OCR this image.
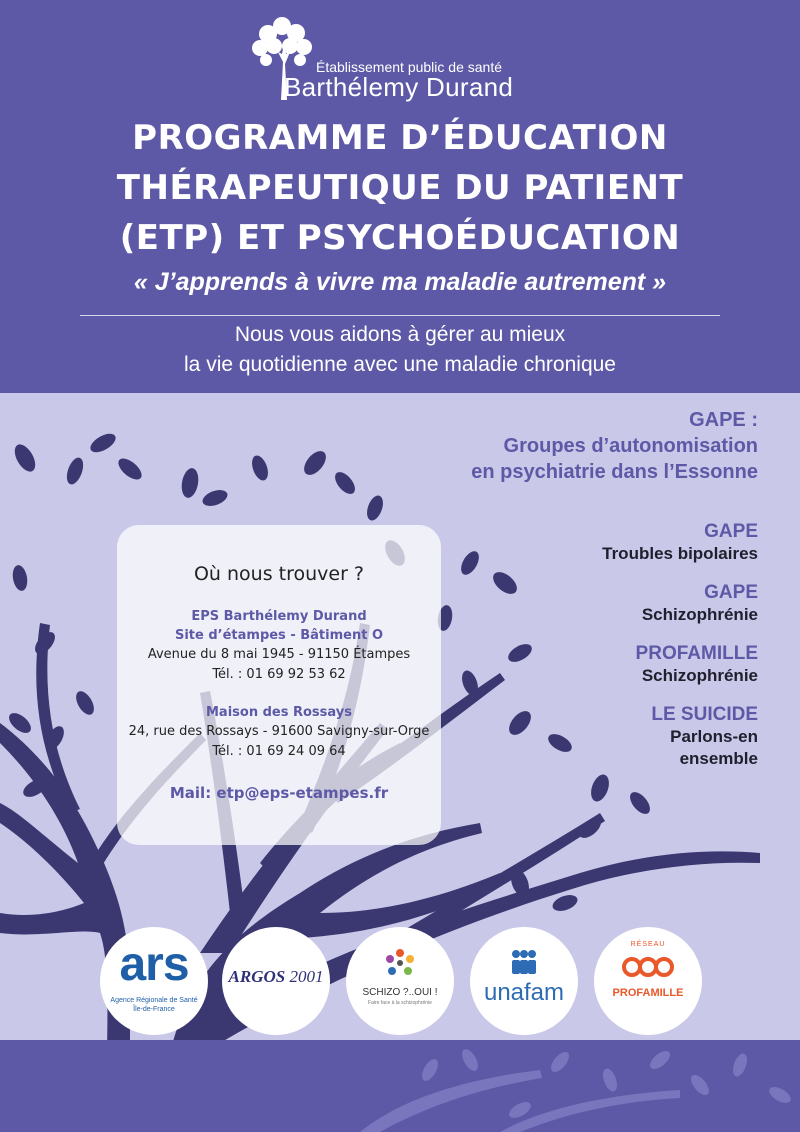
Établissement public de santé
Barthélemy Durand
PROGRAMME D’ÉDUCATION
THÉRAPEUTIQUE DU PATIENT
(ETP) ET PSYCHOÉDUCATION
« J’apprends à vivre ma maladie autrement »
Nous vous aidons à gérer au mieux
la vie quotidienne avec une maladie chronique
GAPE :
Groupes d’autonomisation
en psychiatrie dans l’Essonne
GAPE
Troubles bipolaires
GAPE
Schizophrénie
PROFAMILLE
Schizophrénie
LE SUICIDE
Parlons-en
ensemble
Où nous trouver ?
EPS Barthélemy Durand
Site d’étampes - Bâtiment O
Avenue du 8 mai 1945 - 91150 Étampes
Tél. : 01 69 92 53 62
Maison des Rossays
24, rue des Rossays - 91600 Savigny-sur-Orge
Tél. : 01 69 24 09 64
Mail: etp@eps-etampes.fr
ars
Agence Régionale de Santé
Île-de-France
ARGOS 2001
SCHIZO ?..OUI !
Faire face à la schizophrénie	unafam
RÉSEAU
PROFAMILLE
